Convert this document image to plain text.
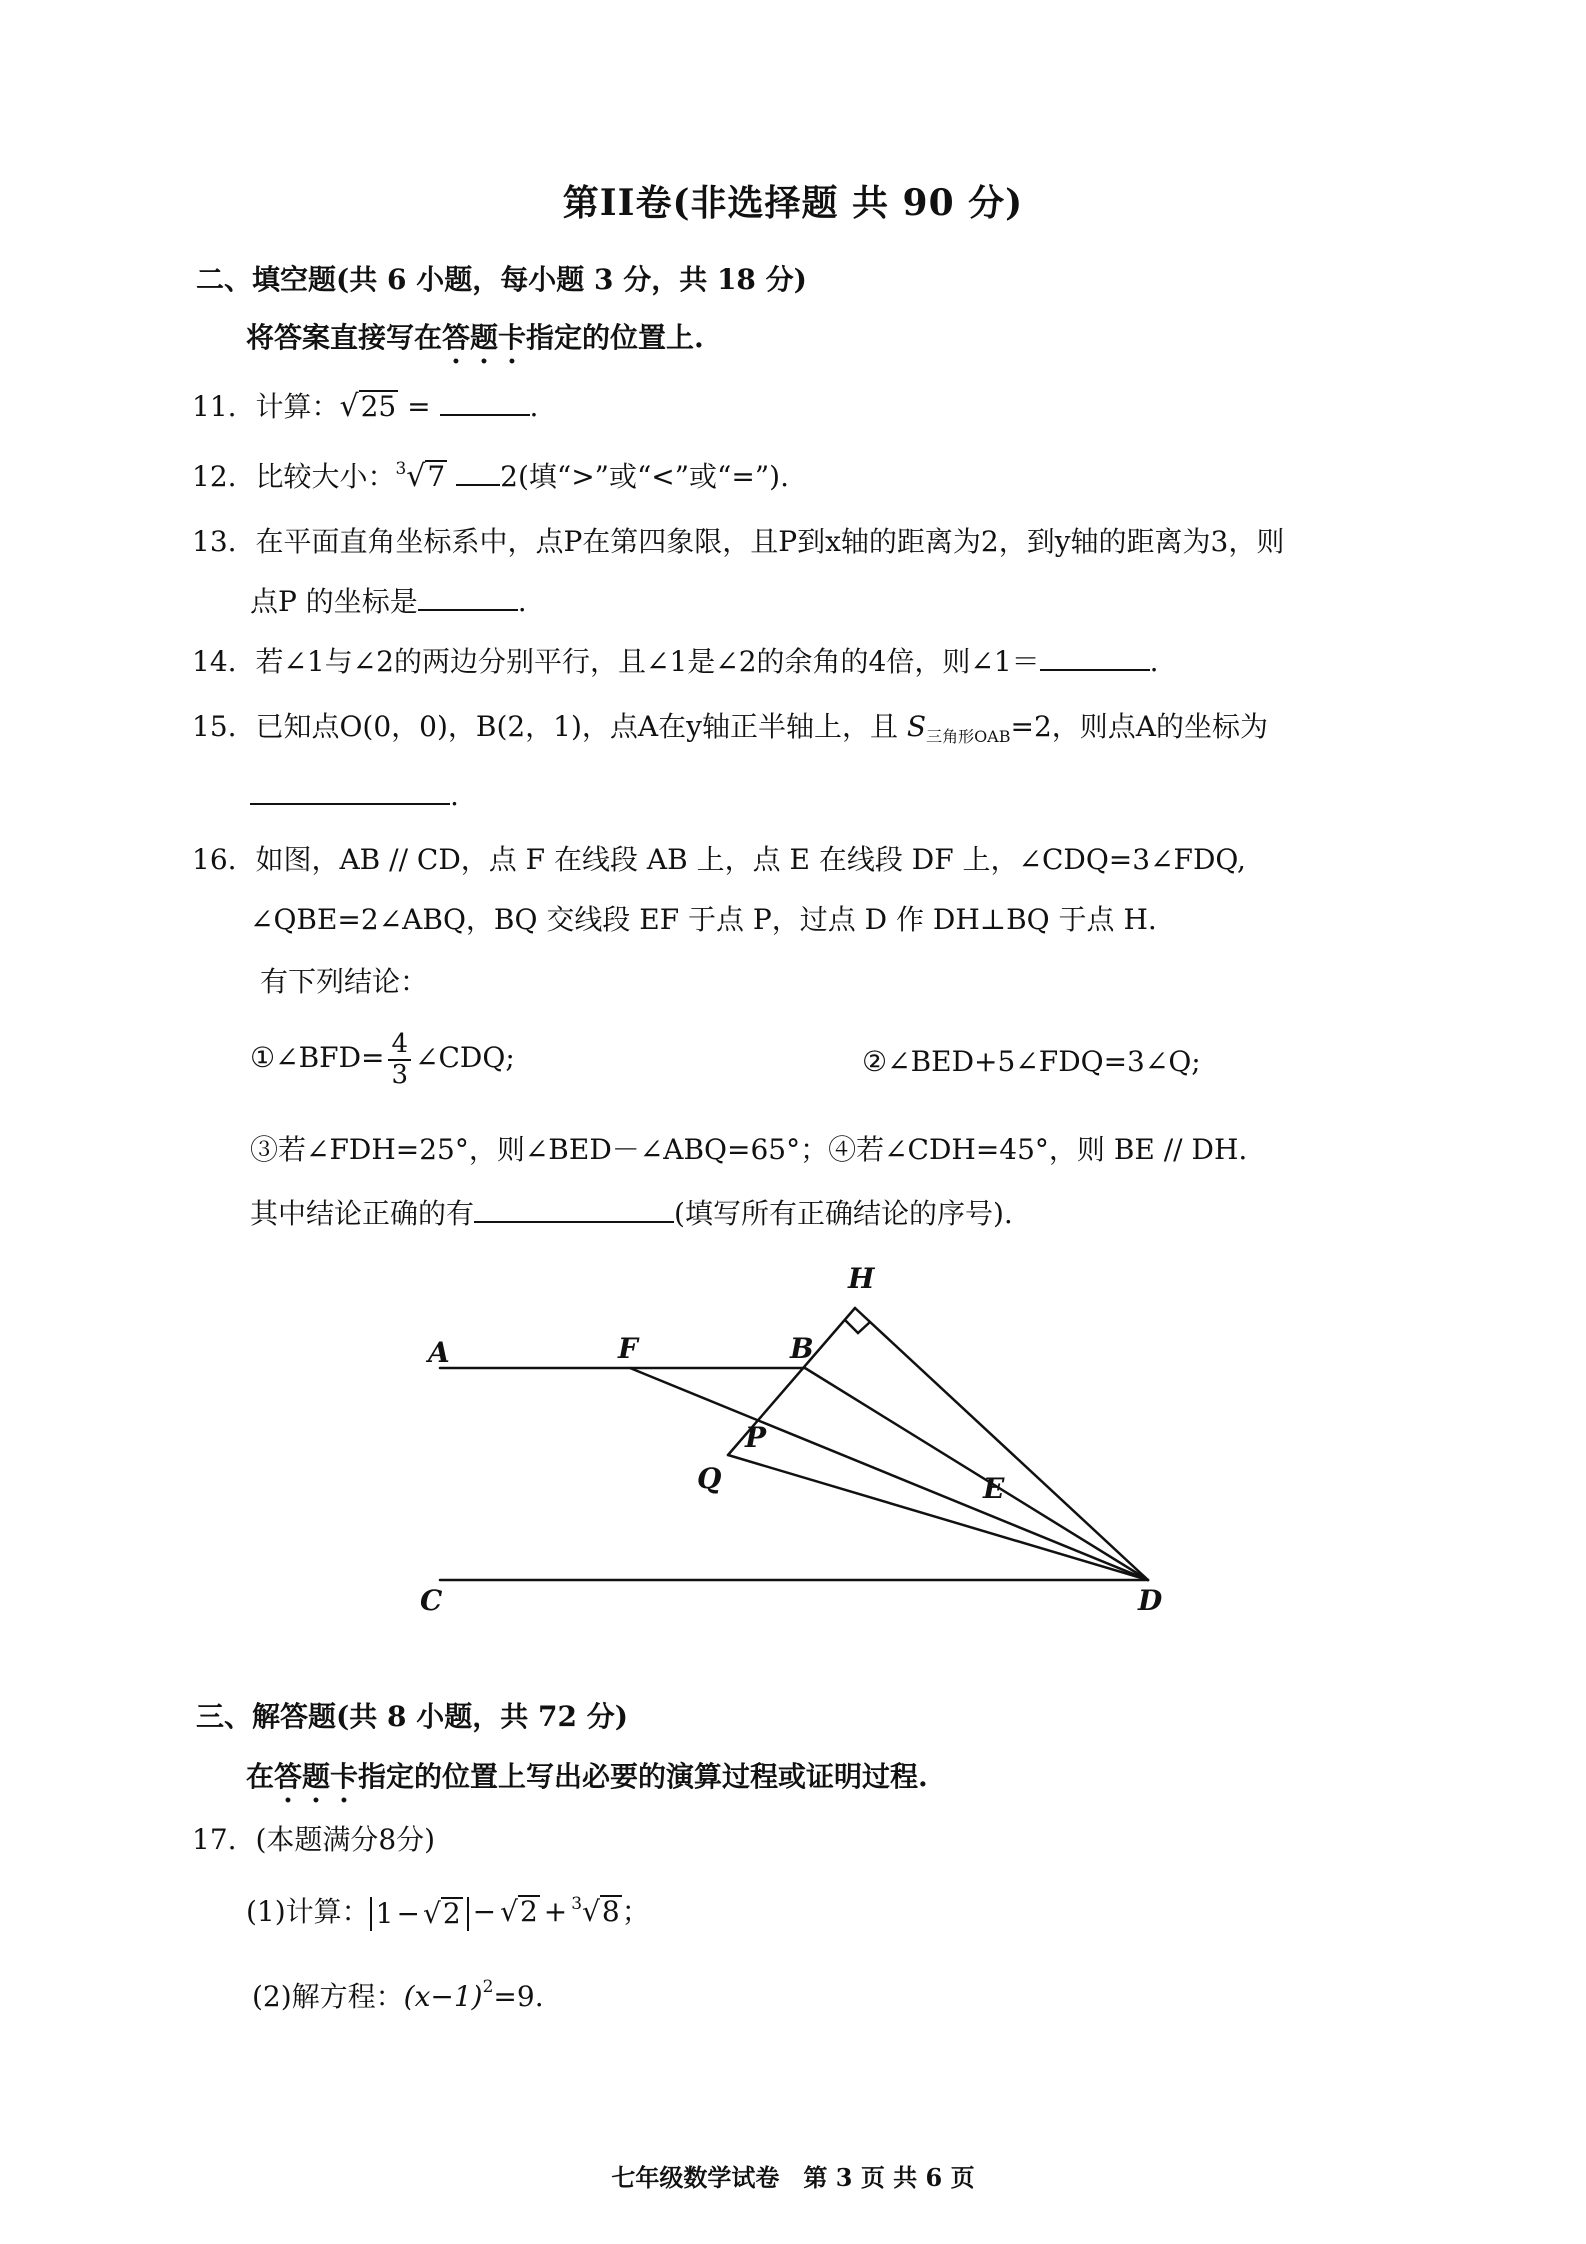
第II卷(非选择题 共 90 分)
二、填空题(共 6 小题，每小题 3 分，共 18 分)
将答案直接写在答题卡指定的位置上.
11. 计算：√25 =	.
12. 比较大小：$^3$√7 2(填“>”或“<”或“=”).
13. 在平面直角坐标系中，点P在第四象限，且P到x轴的距离为2，到y轴的距离为3，则
点P 的坐标是	.
14. 若∠1与∠2的两边分别平行，且∠1是∠2的余角的4倍，则∠1＝	.
15. 已知点O(0，0)，B(2，1)，点A在y轴正半轴上，且 $S_{三角形OAB}=2$，则点A的坐标为
.
16. 如图，AB // CD，点 F 在线段 AB 上，点 E 在线段 DF 上，∠CDQ=3∠FDQ,
∠QBE=2∠ABQ，BQ 交线段 EF 于点 P，过点 D 作 DH⊥BQ 于点 H.
有下列结论：
①∠BFD= $\frac{4}{3}$ ∠CDQ;	②∠BED+5∠FDQ=3∠Q;
③若∠FDH=25°，则∠BED－∠ABQ=65°；④若∠CDH=45°，则 BE // DH.
其中结论正确的有	(填写所有正确结论的序号).
A	F	B
H
P
Q	E
C	D
三、解答题(共 8 小题，共 72 分)
在答题卡指定的位置上写出必要的演算过程或证明过程.
17. (本题满分8分)
(1)计算： 1 − √2 − √2 + $^3$√8；
(2)解方程：$(x-1)^2=9$.
七年级数学试卷　第 3 页 共 6 页
